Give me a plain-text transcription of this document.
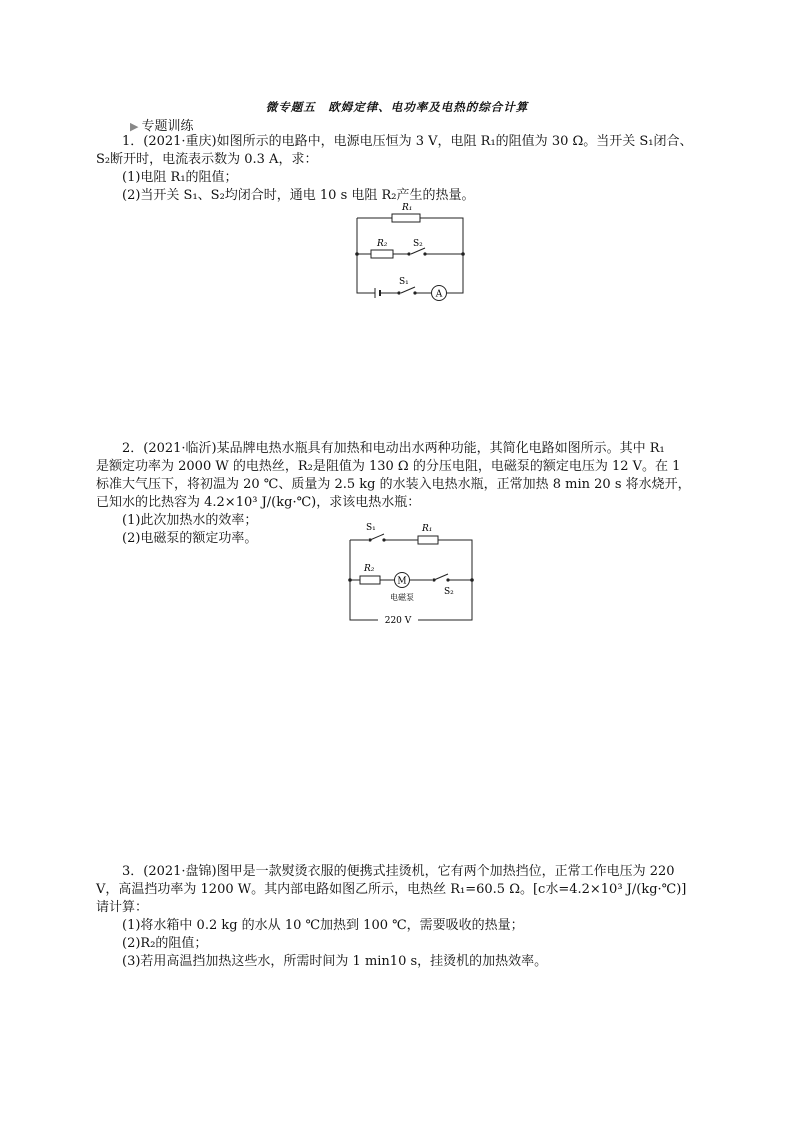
微专题五　欧姆定律、电功率及电热的综合计算
▶ 专题训练
1．(2021·重庆)如图所示的电路中，电源电压恒为 3 V，电阻 R₁的阻值为 30 Ω。当开关 S₁闭合、
S₂断开时，电流表示数为 0.3 A，求：
(1)电阻 R₁的阻值；
(2)当开关 S₁、S₂均闭合时，通电 10 s 电阻 R₂产生的热量。
A
R₁
R₂	S₂
S₁
2．(2021·临沂)某品牌电热水瓶具有加热和电动出水两种功能，其简化电路如图所示。其中 R₁
是额定功率为 2000 W 的电热丝，R₂是阻值为 130 Ω 的分压电阻，电磁泵的额定电压为 12 V。在 1
标准大气压下，将初温为 20 ℃、质量为 2.5 kg 的水装入电热水瓶，正常加热 8 min 20 s 将水烧开，
已知水的比热容为 4.2×10³ J/(kg·℃)，求该电热水瓶：
(1)此次加热水的效率；
(2)电磁泵的额定功率。
M
S₁	R₁
R₂
电磁泵
S₂
220 V
3．(2021·盘锦)图甲是一款熨烫衣服的便携式挂烫机，它有两个加热挡位，正常工作电压为 220
V，高温挡功率为 1200 W。其内部电路如图乙所示，电热丝 R₁=60.5 Ω。[c水=4.2×10³ J/(kg·℃)]
请计算：
(1)将水箱中 0.2 kg 的水从 10 ℃加热到 100 ℃，需要吸收的热量；
(2)R₂的阻值；
(3)若用高温挡加热这些水，所需时间为 1 min10 s，挂烫机的加热效率。
